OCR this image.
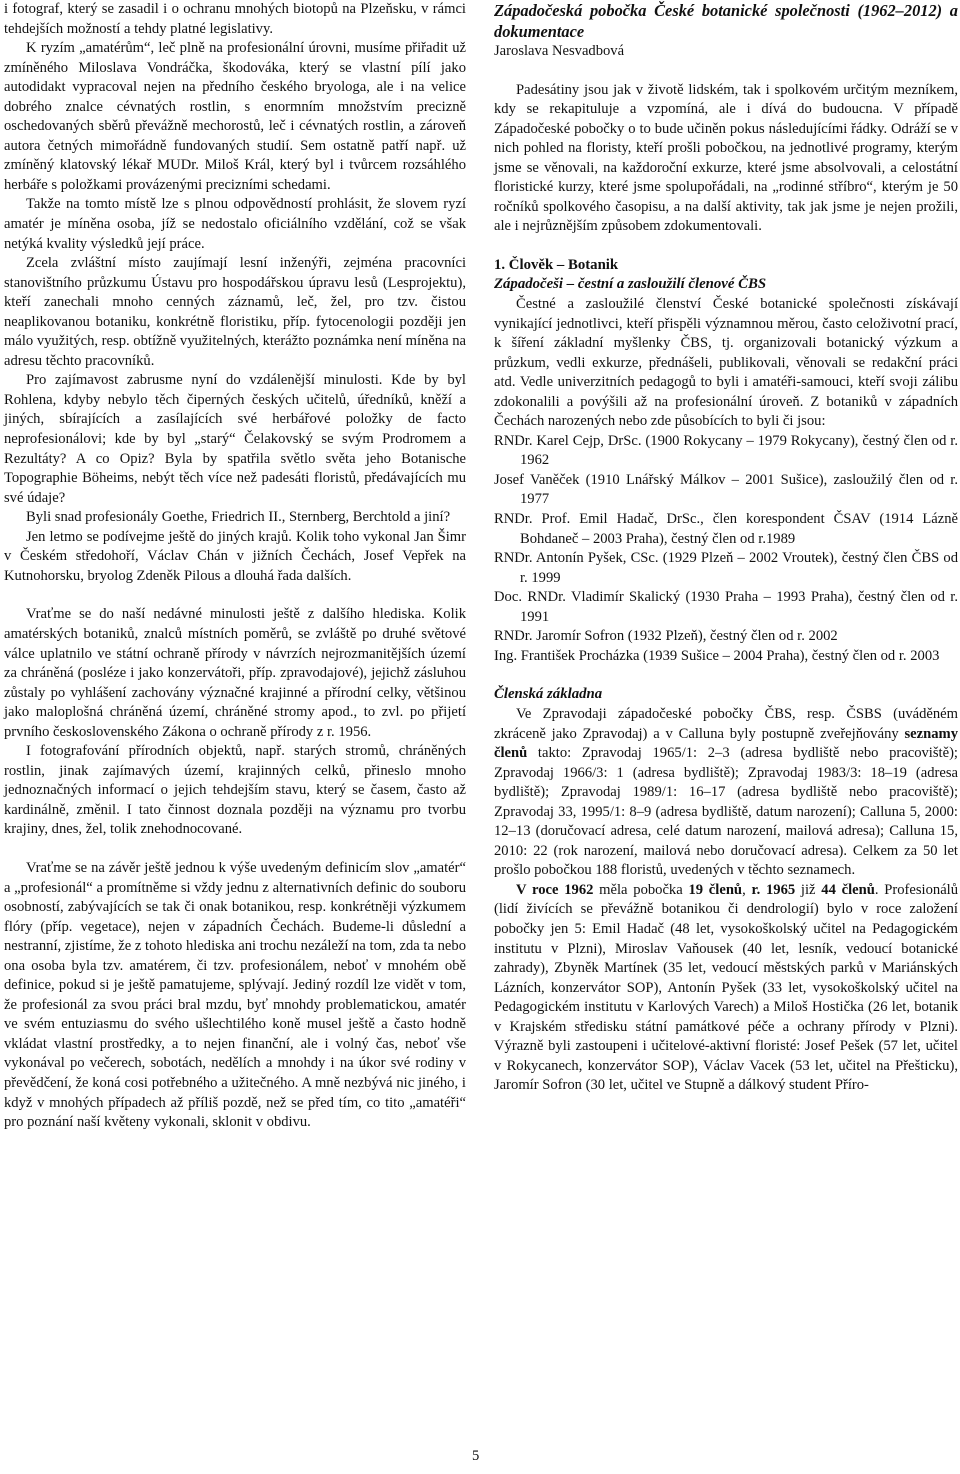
i fotograf, který se zasadil i o ochranu mnohých biotopů na Plzeňsku, v rámci tehdejších možností a tehdy platné legislativy.

K ryzím „amatérům“, leč plně na profesionální úrovni, musíme přiřadit už zmíněného Miloslava Vondráčka, škodováka, který se vlastní pílí jako autodidakt vypracoval nejen na předního českého bryologa, ale i na velice dobrého znalce cévnatých rostlin, s enormním množstvím precizně oschedovaných sběrů převážně mechorostů, leč i cévnatých rostlin, a zároveň autora četných mimořádně fundovaných studií. Sem ostatně patří např. už zmíněný klatovský lékař MUDr. Miloš Král, který byl i tvůrcem rozsáhlého herbáře s položkami provázenými precizními schedami.

Takže na tomto místě lze s plnou odpovědností prohlásit, že slovem ryzí amatér je míněna osoba, jíž se nedostalo oficiálního vzdělání, což se však netýká kvality výsledků její práce.

Zcela zvláštní místo zaujímají lesní inženýři, zejména pracovníci stanovištního průzkumu Ústavu pro hospodářskou úpravu lesů (Lesprojektu), kteří zanechali mnoho cenných záznamů, leč, žel, pro tzv. čistou neaplikovanou botaniku, konkrétně floristiku, příp. fytocenologii později jen málo využitých, resp. obtížně využitelných, kterážto poznámka není míněna na adresu těchto pracovníků.

Pro zajímavost zabrusme nyní do vzdálenější minulosti. Kde by byl Rohlena, kdyby nebylo těch čiperných českých učitelů, úředníků, kněží a jiných, sbírajících a zasílajících své herbářové položky de facto neprofesionálovi; kde by byl „starý“ Čelakovský se svým Prodromem a Rezultáty? A co Opiz? Byla by spatřila světlo světa jeho Botanische Topographie Böheims, nebýt těch více než padesáti floristů, předávajících mu své údaje?

Byli snad profesionály Goethe, Friedrich II., Sternberg, Berchtold a jiní?

Jen letmo se podívejme ještě do jiných krajů. Kolik toho vykonal Jan Šimr v Českém středohoří, Václav Chán v jižních Čechách, Josef Vepřek na Kutnohorsku, bryolog Zdeněk Pilous a dlouhá řada dalších.

Vraťme se do naší nedávné minulosti ještě z dalšího hlediska. Kolik amatérských botaniků, znalců místních poměrů, se zvláště po druhé světové válce uplatnilo ve státní ochraně přírody v návrzích nejrozmanitějších území za chráněná (posléze i jako konzervátoři, příp. zpravodajové), jejichž zásluhou zůstaly po vyhlášení zachovány význačné krajinné a přírodní celky, většinou jako maloplošná chráněná území, chráněné stromy apod., to zvl. po přijetí prvního československého Zákona o ochraně přírody z r. 1956.

I fotografování přírodních objektů, např. starých stromů, chráněných rostlin, jinak zajímavých území, krajinných celků, přineslo mnoho jednoznačných informací o jejich tehdejším stavu, který se časem, často až kardinálně, změnil. I tato činnost doznala později na významu pro tvorbu krajiny, dnes, žel, tolik znehodnocované.

Vraťme se na závěr ještě jednou k výše uvedeným definicím slov „amatér“ a „profesionál“ a promítněme si vždy jednu z alternativních definic do souboru osobností, zabývajících se tak či onak botanikou, resp. konkrétněji výzkumem flóry (příp. vegetace), nejen v západních Čechách. Budeme-li důslední a nestranní, zjistíme, že z tohoto hlediska ani trochu nezáleží na tom, zda ta nebo ona osoba byla tzv. amatérem, či tzv. profesionálem, neboť v mnohém obě definice, pokud si je ještě pamatujeme, splývají. Jediný rozdíl lze vidět v tom, že profesionál za svou práci bral mzdu, byť mnohdy problematickou, amatér ve svém entuziasmu do svého ušlechtilého koně musel ještě a často hodně vkládat vlastní prostředky, a to nejen finanční, ale i volný čas, neboť vše vykonával po večerech, sobotách, nedělích a mnohdy i na úkor své rodiny v převědčení, že koná cosi potřebného a užitečného. A mně nezbývá nic jiného, i když v mnohých případech až příliš pozdě, než se před tím, co tito „amatéři“ pro poznání naší květeny vykonali, sklonit v obdivu.

Západočeská pobočka České botanické společnosti (1962–2012) a dokumentace

Jaroslava Nesvadbová

Padesátiny jsou jak v životě lidském, tak i spolkovém určitým mezníkem, kdy se rekapituluje a vzpomíná, ale i dívá do budoucna. V případě Západočeské pobočky o to bude učiněn pokus následujícími řádky. Odráží se v nich pohled na floristy, kteří prošli pobočkou, na jednotlivé programy, kterým jsme se věnovali, na každoroční exkurze, které jsme absolvovali, a celostátní floristické kurzy, které jsme spolupořádali, na „rodinné stříbro“, kterým je 50 ročníků spolkového časopisu, a na další aktivity, tak jak jsme je nejen prožili, ale i nejrůznějším způsobem zdokumentovali.

1. Člověk – Botanik
Západočeši – čestní a zasloužilí členové ČBS

Čestné a zasloužilé členství České botanické společnosti získávají vynikající jednotlivci, kteří přispěli významnou měrou, často celoživotní prací, k šíření základní myšlenky ČBS, tj. organizovali botanický výzkum a průzkum, vedli exkurze, přednášeli, publikovali, věnovali se redakční práci atd. Vedle univerzitních pedagogů to byli i amatéři-samouci, kteří svoji zálibu zdokonalili a povýšili až na profesionální úroveň. Z botaniků v západních Čechách narozených nebo zde působících to byli či jsou:

RNDr. Karel Cejp, DrSc. (1900 Rokycany – 1979 Rokycany), čestný člen od r. 1962
Josef Vaněček (1910 Lnářský Málkov – 2001 Sušice), zasloužilý člen od r. 1977
RNDr. Prof. Emil Hadač, DrSc., člen korespondent ČSAV (1914 Lázně Bohdaneč – 2003 Praha), čestný člen od r.1989
RNDr. Antonín Pyšek, CSc. (1929 Plzeň – 2002 Vroutek), čestný člen ČBS od r. 1999
Doc. RNDr. Vladimír Skalický (1930 Praha – 1993 Praha), čestný člen od r. 1991
RNDr. Jaromír Sofron (1932 Plzeň), čestný člen od r. 2002
Ing. František Procházka (1939 Sušice – 2004 Praha), čestný člen od r. 2003
Členská základna

Ve Zpravodaji západočeské pobočky ČBS, resp. ČSBS (uváděném zkráceně jako Zpravodaj) a v Calluna byly postupně zveřejňovány seznamy členů takto: Zpravodaj 1965/1: 2–3 (adresa bydliště nebo pracoviště); Zpravodaj 1966/3: 1 (adresa bydliště); Zpravodaj 1983/3: 18–19 (adresa bydliště); Zpravodaj 1989/1: 16–17 (adresa bydliště nebo pracoviště); Zpravodaj 33, 1995/1: 8–9 (adresa bydliště, datum narození); Calluna 5, 2000: 12–13 (doručovací adresa, celé datum narození, mailová adresa); Calluna 15, 2010: 22 (rok narození, mailová nebo doručovací adresa). Celkem za 50 let prošlo pobočkou 188 floristů, uvedených v těchto seznamech.

V roce 1962 měla pobočka 19 členů, r. 1965 již 44 členů. Profesionálů (lidí živících se převážně botanikou či dendrologií) bylo v roce založení pobočky jen 5: Emil Hadač (48 let, vysokoškolský učitel na Pedagogickém institutu v Plzni), Miroslav Vaňousek (40 let, lesník, vedoucí botanické zahrady), Zbyněk Martínek (35 let, vedoucí městských parků v Mariánských Lázních, konzervátor SOP), Antonín Pyšek (33 let, vysokoškolský učitel na Pedagogickém institutu v Karlových Varech) a Miloš Hostička (26 let, botanik v Krajském středisku státní památkové péče a ochrany přírody v Plzni). Výrazně byli zastoupeni i učitelové-aktivní floristé: Josef Pešek (57 let, učitel v Rokycanech, konzervátor SOP), Václav Vacek (53 let, učitel na Přešticku), Jaromír Sofron (30 let, učitel ve Stupně a dálkový student Přírо-

5
